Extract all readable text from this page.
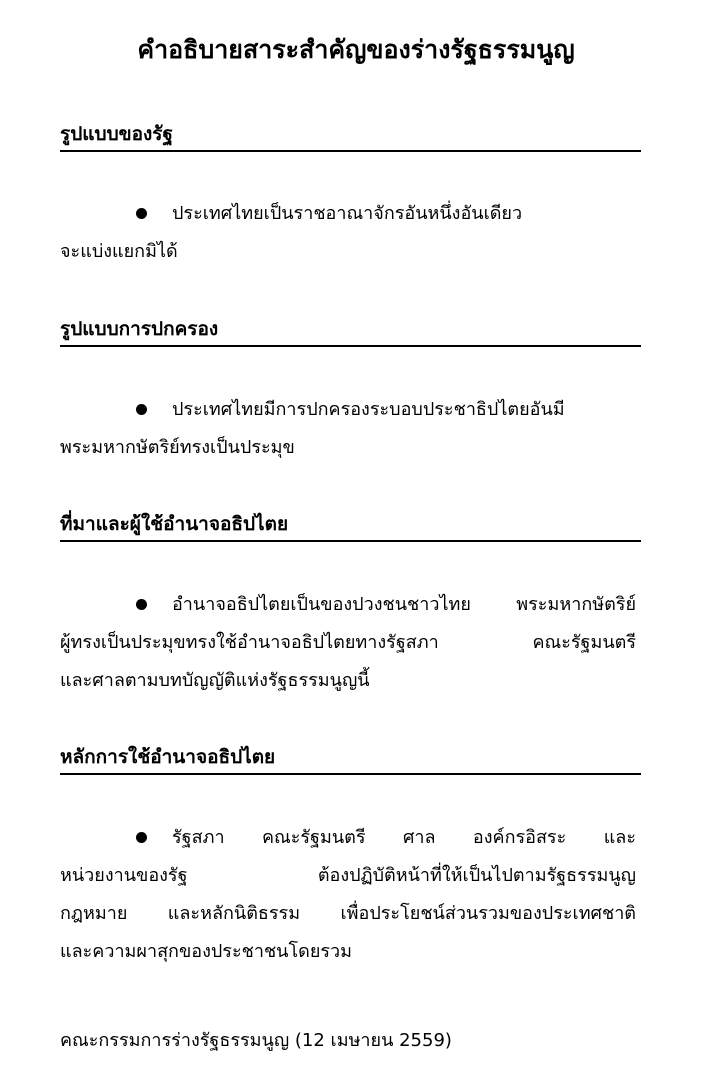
คำอธิบายสาระสำคัญของร่างรัฐธรรมนูญ
รูปแบบของรัฐ
ประเทศไทยเป็นราชอาณาจักรอันหนึ่งอันเดียว
จะแบ่งแยกมิได้
รูปแบบการปกครอง
ประเทศไทยมีการปกครองระบอบประชาธิปไตยอันมี
พระมหากษัตริย์ทรงเป็นประมุข
ที่มาและผู้ใช้อำนาจอธิปไตย
อำนาจอธิปไตยเป็นของปวงชนชาวไทย พระมหากษัตริย์
ผู้ทรงเป็นประมุขทรงใช้อำนาจอธิปไตยทางรัฐสภา คณะรัฐมนตรี
และศาลตามบทบัญญัติแห่งรัฐธรรมนูญนี้
หลักการใช้อำนาจอธิปไตย
รัฐสภา คณะรัฐมนตรี ศาล องค์กรอิสระ และ
หน่วยงานของรัฐ ต้องปฏิบัติหน้าที่ให้เป็นไปตามรัฐธรรมนูญ
กฎหมาย และหลักนิติธรรม เพื่อประโยชน์ส่วนรวมของประเทศชาติ
และความผาสุกของประชาชนโดยรวม
คณะกรรมการร่างรัฐธรรมนูญ (12 เมษายน 2559)
